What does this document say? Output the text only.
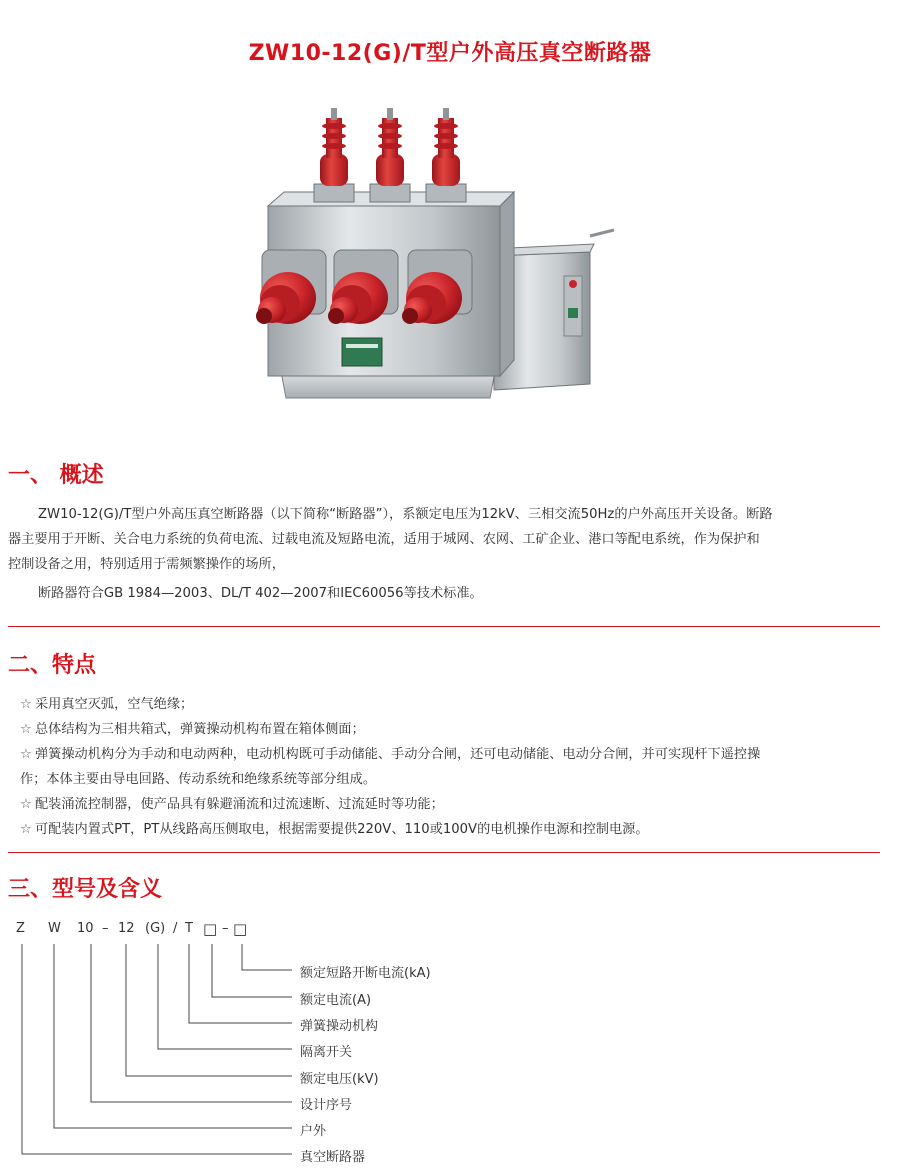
ZW10-12(G)/T型户外高压真空断路器
一、 概述
ZW10-12(G)/T型户外高压真空断路器（以下简称“断路器”），系额定电压为12kV、三相交流50Hz的户外高压开关设备。断路
器主要用于开断、关合电力系统的负荷电流、过载电流及短路电流，适用于城网、农网、工矿企业、港口等配电系统，作为保护和
控制设备之用，特别适用于需频繁操作的场所，
断路器符合GB 1984—2003、DL/T 402—2007和IEC60056等技术标准。
二、特点
☆ 采用真空灭弧，空气绝缘；
☆ 总体结构为三相共箱式，弹簧操动机构布置在箱体侧面；
☆ 弹簧操动机构分为手动和电动两种，电动机构既可手动储能、手动分合闸，还可电动储能、电动分合闸，并可实现杆下遥控操
作；本体主要由导电回路、传动系统和绝缘系统等部分组成。
☆ 配装涌流控制器，使产品具有躲避涌流和过流速断、过流延时等功能；
☆ 可配装内置式PT，PT从线路高压侧取电，根据需要提供220V、110或100V的电机操作电源和控制电源。
三、型号及含义
Z W 10 – 12 (G) / T □ – □
额定短路开断电流(kA)
额定电流(A)
弹簧操动机构
隔离开关
额定电压(kV)
设计序号
户外
真空断路器
